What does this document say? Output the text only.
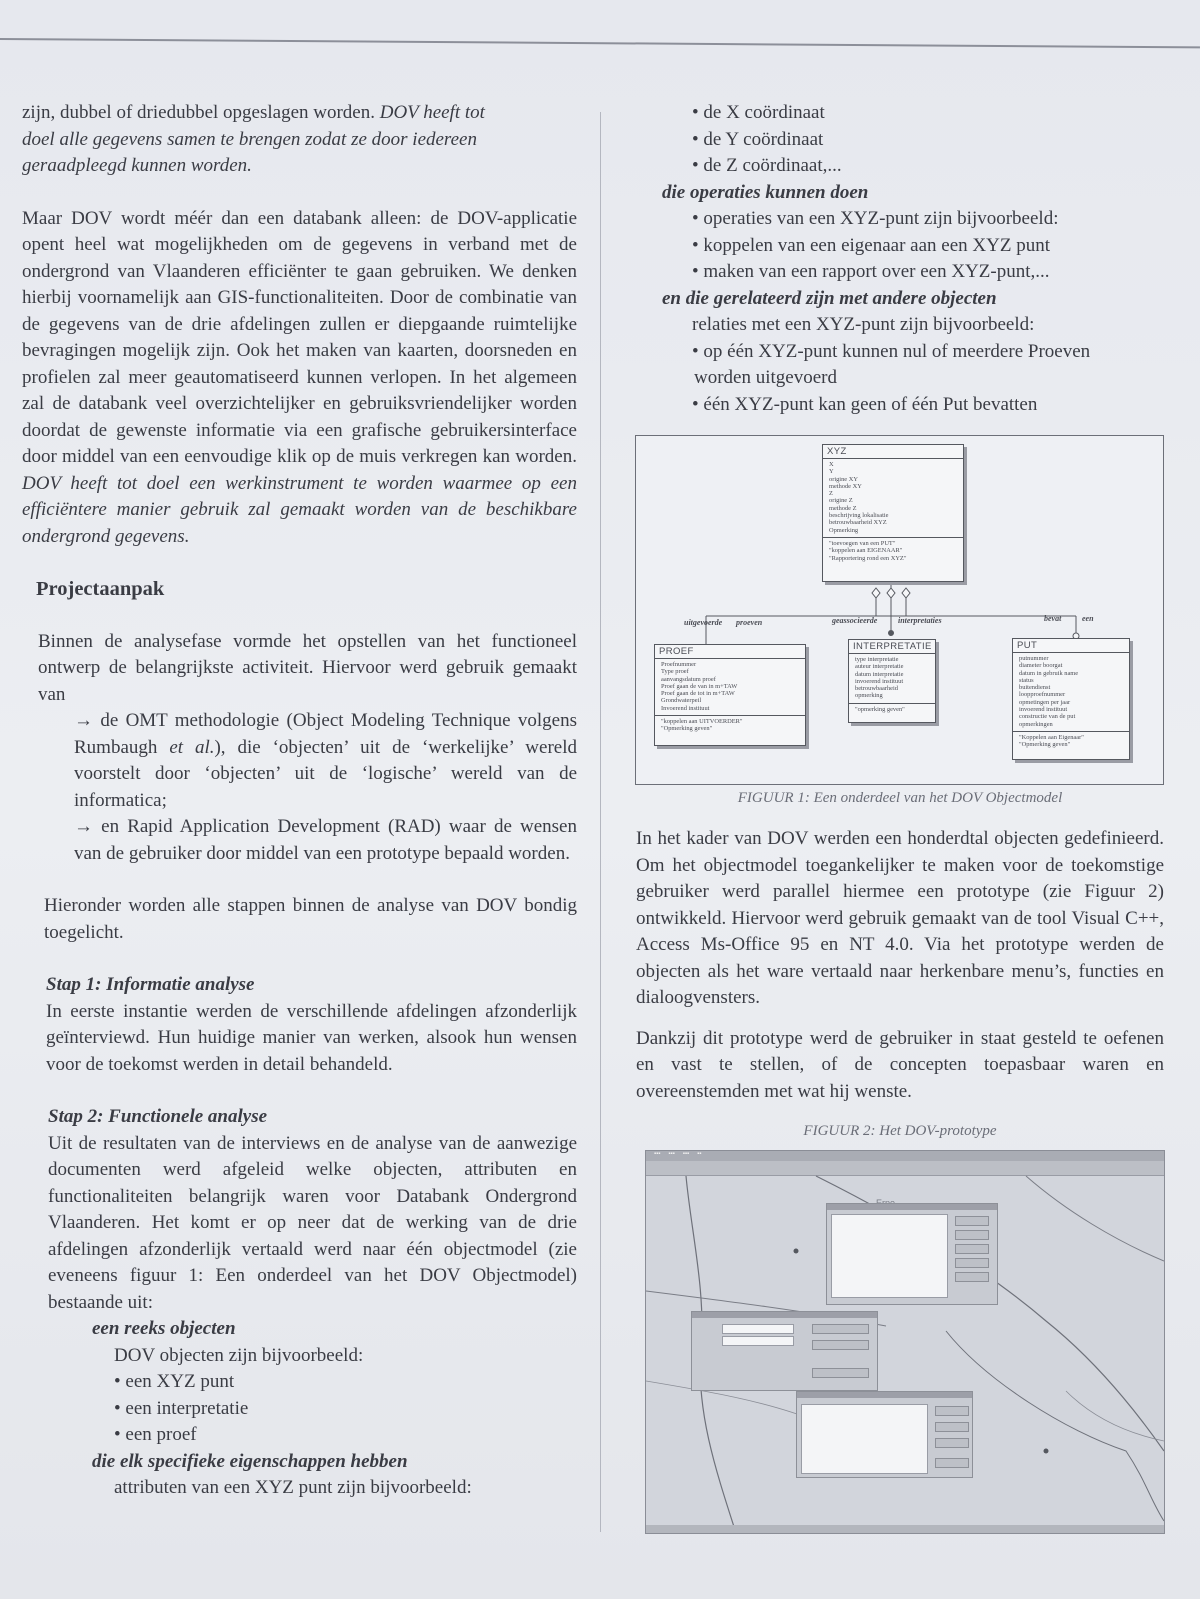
zijn, dubbel of driedubbel opgeslagen worden. DOV heeft tot
doel alle gegevens samen te brengen zodat ze door iedereen
geraadpleegd kunnen worden.

Maar DOV wordt méér dan een databank alleen: de DOV-applicatie opent heel wat mogelijkheden om de gegevens in verband met de ondergrond van Vlaanderen efficiënter te gaan gebruiken. We denken hierbij voornamelijk aan GIS-functionaliteiten. Door de combinatie van de gegevens van de drie afdelingen zullen er diepgaande ruimtelijke bevragingen mogelijk zijn. Ook het maken van kaarten, doorsneden en profielen zal meer geautomatiseerd kunnen verlopen. In het algemeen zal de databank veel overzichtelijker en gebruiksvriendelijker worden doordat de gewenste informatie via een grafische gebruikersinterface door middel van een eenvoudige klik op de muis verkregen kan worden. DOV heeft tot doel een werkinstrument te worden waarmee op een efficiëntere manier gebruik zal gemaakt worden van de beschikbare ondergrond gegevens.

Projectaanpak

Binnen de analysefase vormde het opstellen van het functioneel ontwerp de belangrijkste activiteit. Hiervoor werd gebruik gemaakt van

→ de OMT methodologie (Object Modeling Technique volgens Rumbaugh et al.), die ‘objecten’ uit de ‘werkelijke’ wereld voorstelt door ‘objecten’ uit de ‘logische’ wereld van de informatica;

→ en Rapid Application Development (RAD) waar de wensen van de gebruiker door middel van een prototype bepaald worden.

Hieronder worden alle stappen binnen de analyse van DOV bondig toegelicht.

Stap 1: Informatie analyse

In eerste instantie werden de verschillende afdelingen afzonderlijk geïnterviewd. Hun huidige manier van werken, alsook hun wensen voor de toekomst werden in detail behandeld.

Stap 2: Functionele analyse

Uit de resultaten van de interviews en de analyse van de aanwezige documenten werd afgeleid welke objecten, attributen en functionaliteiten belangrijk waren voor Databank Ondergrond Vlaanderen. Het komt er op neer dat de werking van de drie afdelingen afzonderlijk vertaald werd naar één objectmodel (zie eveneens figuur 1: Een onderdeel van het DOV Objectmodel) bestaande uit:

een reeks objecten

DOV objecten zijn bijvoorbeeld:

• een XYZ punt

• een interpretatie

• een proef

die elk specifieke eigenschappen hebben

attributen van een XYZ punt zijn bijvoorbeeld:

• de X coördinaat

• de Y coördinaat

• de Z coördinaat,...

die operaties kunnen doen

• operaties van een XYZ-punt zijn bijvoorbeeld:

• koppelen van een eigenaar aan een XYZ punt

• maken van een rapport over een XYZ-punt,...

en die gerelateerd zijn met andere objecten

relaties met een XYZ-punt zijn bijvoorbeeld:

• op één XYZ-punt kunnen nul of meerdere Proeven

worden uitgevoerd

• één XYZ-punt kan geen of één Put bevatten

XYZ
X
Y
origine XY
methode XY
Z
origine Z
methode Z
beschrijving lokalisatie
betrouwbaarheid XYZ
Opmerking
"toevoegen van een PUT"
"koppelen aan EIGENAAR"
"Rapportering rond een XYZ"
uitgevoerde proeven	geassocieerde	interpretaties	bevat	een
PROEF
Proefnummer
Type proef
aanvangsdatum proef
Proef gaan de van in m+TAW
Proef gaan de tot in m+TAW
Grondwaterpeil
Invoerend instituut
"koppelen aan UITVOERDER"
"Opmerking geven"
INTERPRETATIE
type interpretatie
auteur interpretatie
datum interpretatie
invoerend instituut
betrouwbaarheid
opmerking
"opmerking geven"
PUT
putnummer
diameter boorgat
datum in gebruik name
status
buitendienst
loopproefnummer
opmetingen per jaar
invoerend instituut
constructie van de put
opmerkingen
"Koppelen aan Eigenaar"
"Opmerking geven"

FIGUUR 1: Een onderdeel van het DOV Objectmodel

In het kader van DOV werden een honderdtal objecten gedefinieerd. Om het objectmodel toegankelijker te maken voor de toekomstige gebruiker werd parallel hiermee een prototype (zie Figuur 2) ontwikkeld. Hiervoor werd gebruik gemaakt van de tool Visual C++, Access Ms-Office 95 en NT 4.0. Via het prototype werden de objecten als het ware vertaald naar herkenbare menu’s, functies en dialoogvensters.

Dankzij dit prototype werd de gebruiker in staat gesteld te oefenen en vast te stellen, of de concepten toepasbaar waren en overeenstemden met wat hij wenste.

FIGUUR 2: Het DOV-prototype

▪▪▪ ▪▪▪ ▪▪▪ ▪▪
